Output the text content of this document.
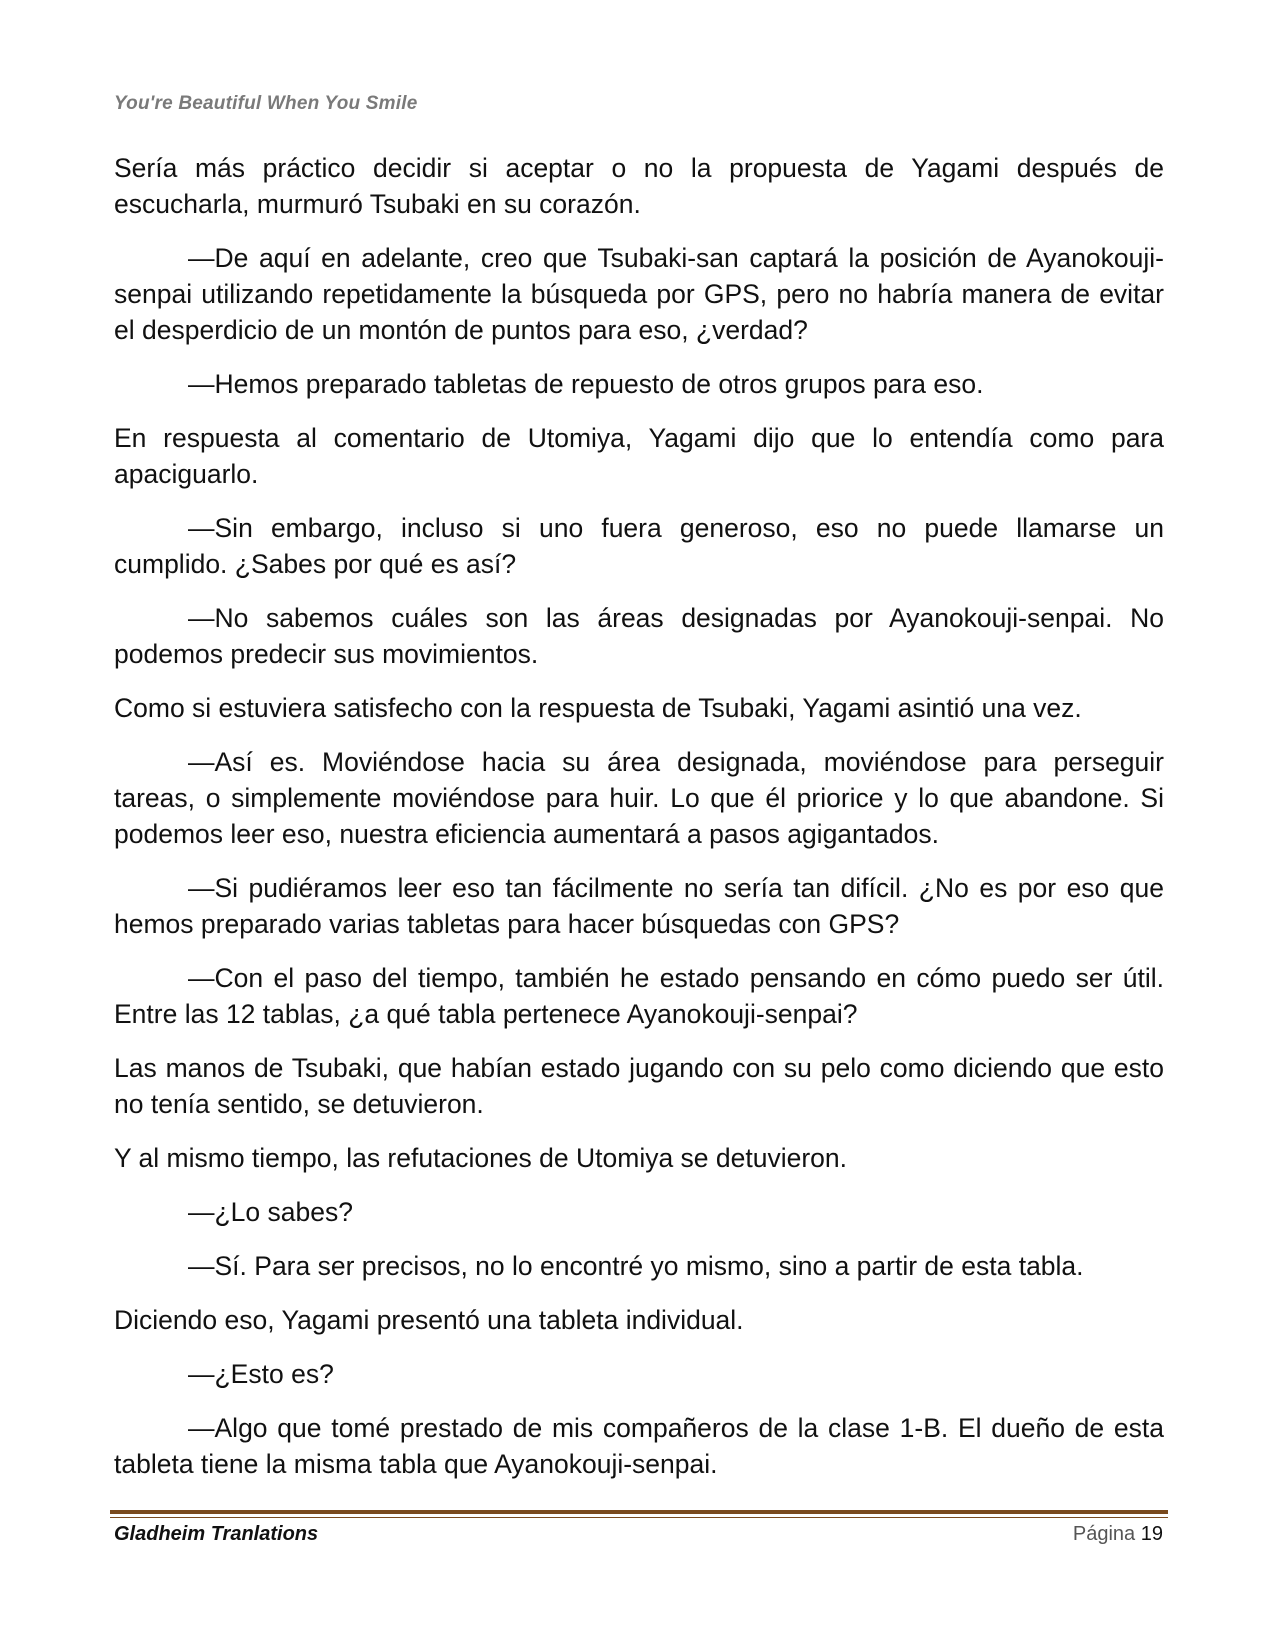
You're Beautiful When You Smile

Sería más práctico decidir si aceptar o no la propuesta de Yagami después de escucharla, murmuró Tsubaki en su corazón.

—De aquí en adelante, creo que Tsubaki-san captará la posición de Ayanokouji-senpai utilizando repetidamente la búsqueda por GPS, pero no habría manera de evitar el desperdicio de un montón de puntos para eso, ¿verdad?

—Hemos preparado tabletas de repuesto de otros grupos para eso.

En respuesta al comentario de Utomiya, Yagami dijo que lo entendía como para apaciguarlo.

—Sin embargo, incluso si uno fuera generoso, eso no puede llamarse un cumplido. ¿Sabes por qué es así?

—No sabemos cuáles son las áreas designadas por Ayanokouji-senpai. No podemos predecir sus movimientos.

Como si estuviera satisfecho con la respuesta de Tsubaki, Yagami asintió una vez.

—Así es. Moviéndose hacia su área designada, moviéndose para perseguir tareas, o simplemente moviéndose para huir. Lo que él priorice y lo que abandone. Si podemos leer eso, nuestra eficiencia aumentará a pasos agigantados.

—Si pudiéramos leer eso tan fácilmente no sería tan difícil. ¿No es por eso que hemos preparado varias tabletas para hacer búsquedas con GPS?

—Con el paso del tiempo, también he estado pensando en cómo puedo ser útil. Entre las 12 tablas, ¿a qué tabla pertenece Ayanokouji-senpai?

Las manos de Tsubaki, que habían estado jugando con su pelo como diciendo que esto no tenía sentido, se detuvieron.

Y al mismo tiempo, las refutaciones de Utomiya se detuvieron.

—¿Lo sabes?

—Sí. Para ser precisos, no lo encontré yo mismo, sino a partir de esta tabla.

Diciendo eso, Yagami presentó una tableta individual.

—¿Esto es?

—Algo que tomé prestado de mis compañeros de la clase 1-B. El dueño de esta tableta tiene la misma tabla que Ayanokouji-senpai.

Gladheim Tranlations	Página 19
